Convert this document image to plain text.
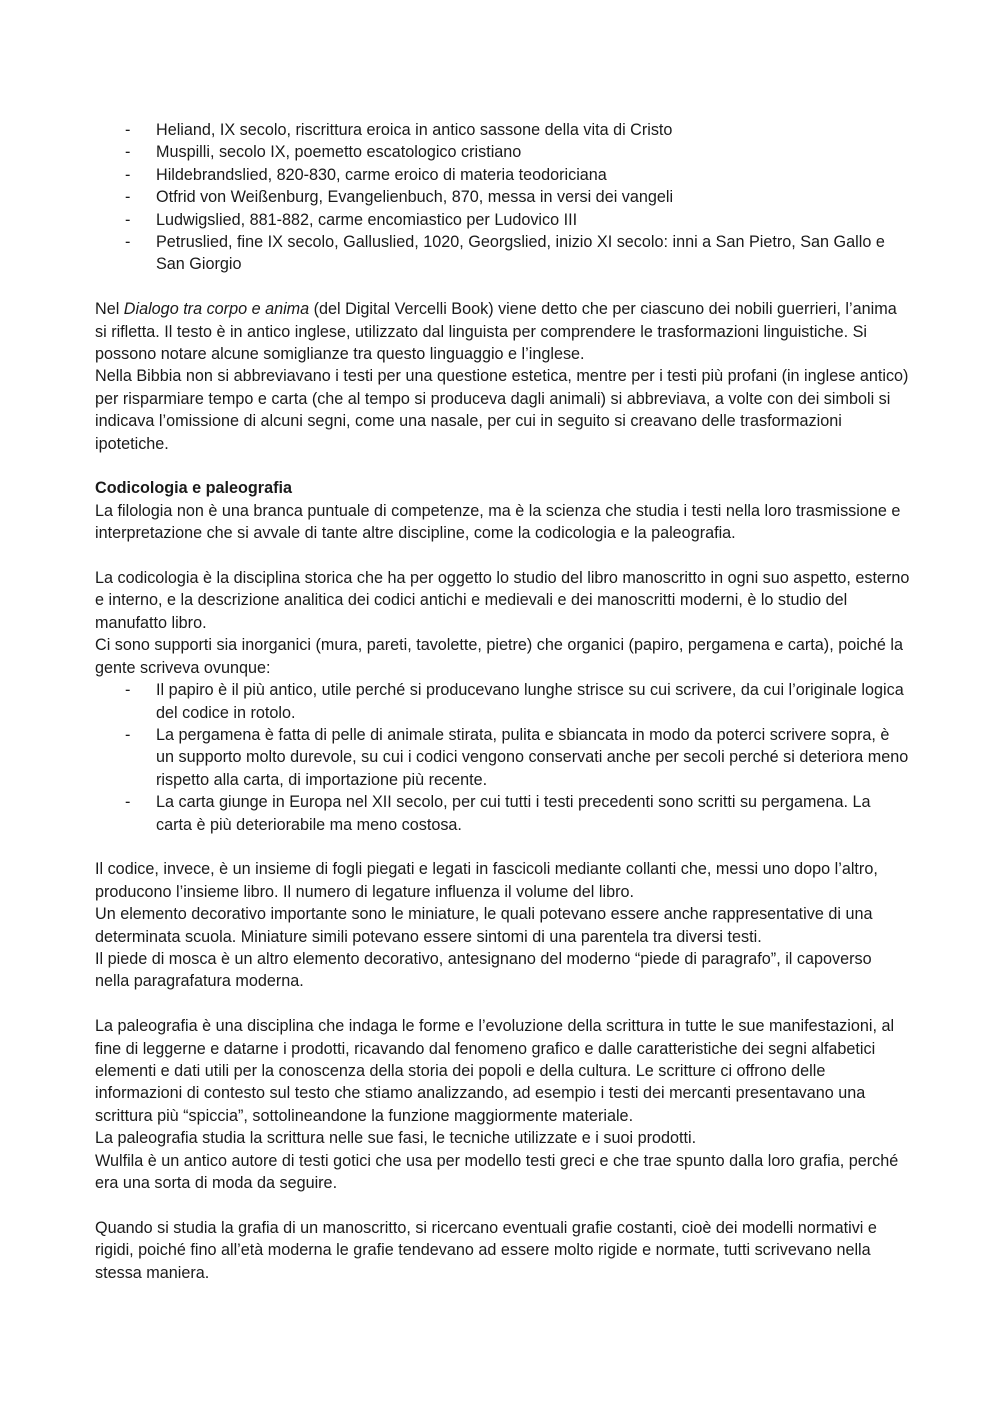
- Heliand, IX secolo, riscrittura eroica in antico sassone della vita di Cristo
- Muspilli, secolo IX, poemetto escatologico cristiano
- Hildebrandslied, 820-830, carme eroico di materia teodoriciana
- Otfrid von Weißenburg, Evangelienbuch, 870, messa in versi dei vangeli
- Ludwigslied, 881-882, carme encomiastico per Ludovico III
- Petruslied, fine IX secolo, Galluslied, 1020, Georgslied, inizio XI secolo: inni a San Pietro, San Gallo e San Giorgio

Nel Dialogo tra corpo e anima (del Digital Vercelli Book) viene detto che per ciascuno dei nobili guerrieri, l’anima si rifletta. Il testo è in antico inglese, utilizzato dal linguista per comprendere le trasformazioni linguistiche. Si possono notare alcune somiglianze tra questo linguaggio e l’inglese.

Nella Bibbia non si abbreviavano i testi per una questione estetica, mentre per i testi più profani (in inglese antico) per risparmiare tempo e carta (che al tempo si produceva dagli animali) si abbreviava, a volte con dei simboli si indicava l’omissione di alcuni segni, come una nasale, per cui in seguito si creavano delle trasformazioni ipotetiche.

Codicologia e paleografia

La filologia non è una branca puntuale di competenze, ma è la scienza che studia i testi nella loro trasmissione e interpretazione che si avvale di tante altre discipline, come la codicologia e la paleografia.

La codicologia è la disciplina storica che ha per oggetto lo studio del libro manoscritto in ogni suo aspetto, esterno e interno, e la descrizione analitica dei codici antichi e medievali e dei manoscritti moderni, è lo studio del manufatto libro.

Ci sono supporti sia inorganici (mura, pareti, tavolette, pietre) che organici (papiro, pergamena e carta), poiché la gente scriveva ovunque:

- Il papiro è il più antico, utile perché si producevano lunghe strisce su cui scrivere, da cui l’originale logica del codice in rotolo.
- La pergamena è fatta di pelle di animale stirata, pulita e sbiancata in modo da poterci scrivere sopra, è un supporto molto durevole, su cui i codici vengono conservati anche per secoli perché si deteriora meno rispetto alla carta, di importazione più recente.
- La carta giunge in Europa nel XII secolo, per cui tutti i testi precedenti sono scritti su pergamena. La carta è più deteriorabile ma meno costosa.

Il codice, invece, è un insieme di fogli piegati e legati in fascicoli mediante collanti che, messi uno dopo l’altro, producono l’insieme libro. Il numero di legature influenza il volume del libro.

Un elemento decorativo importante sono le miniature, le quali potevano essere anche rappresentative di una determinata scuola. Miniature simili potevano essere sintomi di una parentela tra diversi testi.

Il piede di mosca è un altro elemento decorativo, antesignano del moderno “piede di paragrafo”, il capoverso nella paragrafatura moderna.

La paleografia è una disciplina che indaga le forme e l’evoluzione della scrittura in tutte le sue manifestazioni, al fine di leggerne e datarne i prodotti, ricavando dal fenomeno grafico e dalle caratteristiche dei segni alfabetici elementi e dati utili per la conoscenza della storia dei popoli e della cultura. Le scritture ci offrono delle informazioni di contesto sul testo che stiamo analizzando, ad esempio i testi dei mercanti presentavano una scrittura più “spiccia”, sottolineandone la funzione maggiormente materiale.

La paleografia studia la scrittura nelle sue fasi, le tecniche utilizzate e i suoi prodotti.

Wulfila è un antico autore di testi gotici che usa per modello testi greci e che trae spunto dalla loro grafia, perché era una sorta di moda da seguire.

Quando si studia la grafia di un manoscritto, si ricercano eventuali grafie costanti, cioè dei modelli normativi e rigidi, poiché fino all’età moderna le grafie tendevano ad essere molto rigide e normate, tutti scrivevano nella stessa maniera.
